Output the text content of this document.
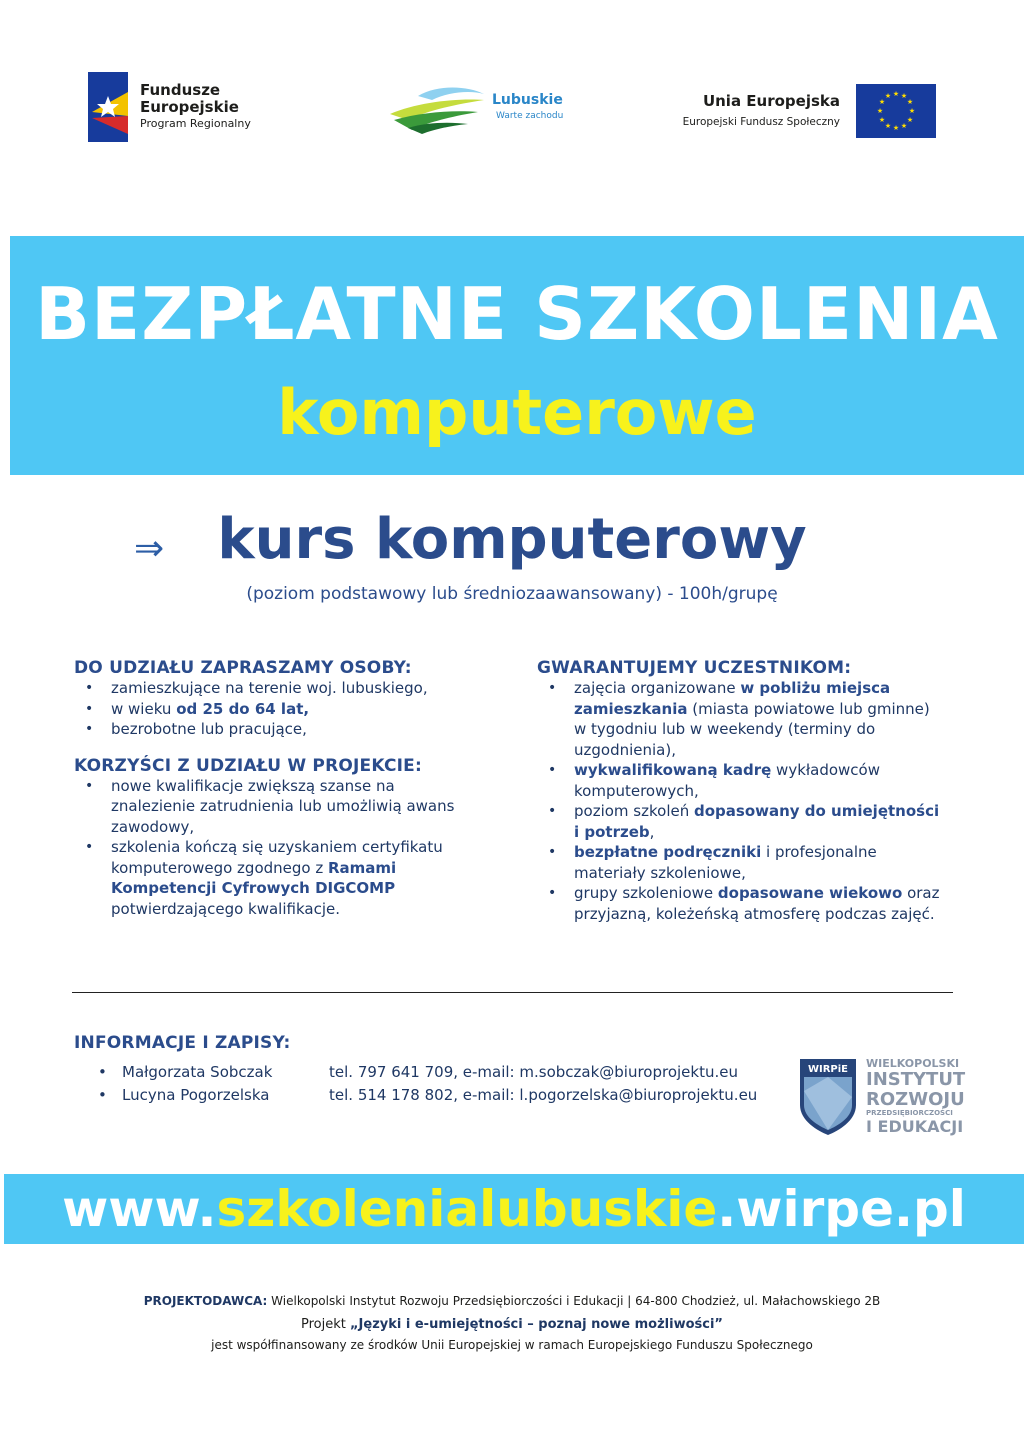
Fundusze
Europejskie
Program Regionalny
Lubuskie
Warte zachodu
Unia Europejska
Europejski Fundusz Społeczny
★ ★
★
★
★
★
★
★
★
★
★
★
BEZPŁATNE SZKOLENIA
komputerowe
⇒ kurs komputerowy
(poziom podstawowy lub średniozaawansowany) - 100h/grupę
DO UDZIAŁU ZAPRASZAMY OSOBY:
• zamieszkujące na terenie woj. lubuskiego,
• w wieku od 25 do 64 lat,
• bezrobotne lub pracujące,
KORZYŚCI Z UDZIAŁU W PROJEKCIE:
• nowe kwalifikacje zwiększą szanse na znalezienie zatrudnienia lub umożliwią awans zawodowy,
• szkolenia kończą się uzyskaniem certyfikatu komputerowego zgodnego z Ramami Kompetencji Cyfrowych DIGCOMP potwierdzającego kwalifikacje.
GWARANTUJEMY UCZESTNIKOM:
• zajęcia organizowane w pobliżu miejsca zamieszkania (miasta powiatowe lub gminne) w tygodniu lub w weekendy (terminy do uzgodnienia),
• wykwalifikowaną kadrę wykładowców komputerowych,
• poziom szkoleń dopasowany do umiejętności i potrzeb,
• bezpłatne podręczniki i profesjonalne materiały szkoleniowe,
• grupy szkoleniowe dopasowane wiekowo oraz przyjazną, koleżeńską atmosferę podczas zajęć.
INFORMACJE I ZAPISY:
• Małgorzata Sobczak	tel. 797 641 709, e-mail: m.sobczak@biuroprojektu.eu
• Lucyna Pogorzelska	tel. 514 178 802, e-mail: l.pogorzelska@biuroprojektu.eu
WIRPiE WIELKOPOLSKI
INSTYTUT
ROZWOJU
PRZEDSIĘBIORCZOŚCI
I EDUKACJI
www.szkolenialubuskie.wirpe.pl
PROJEKTODAWCA: Wielkopolski Instytut Rozwoju Przedsiębiorczości i Edukacji | 64-800 Chodzież, ul. Małachowskiego 2B
Projekt „Języki i e-umiejętności – poznaj nowe możliwości”
jest współfinansowany ze środków Unii Europejskiej w ramach Europejskiego Funduszu Społecznego
